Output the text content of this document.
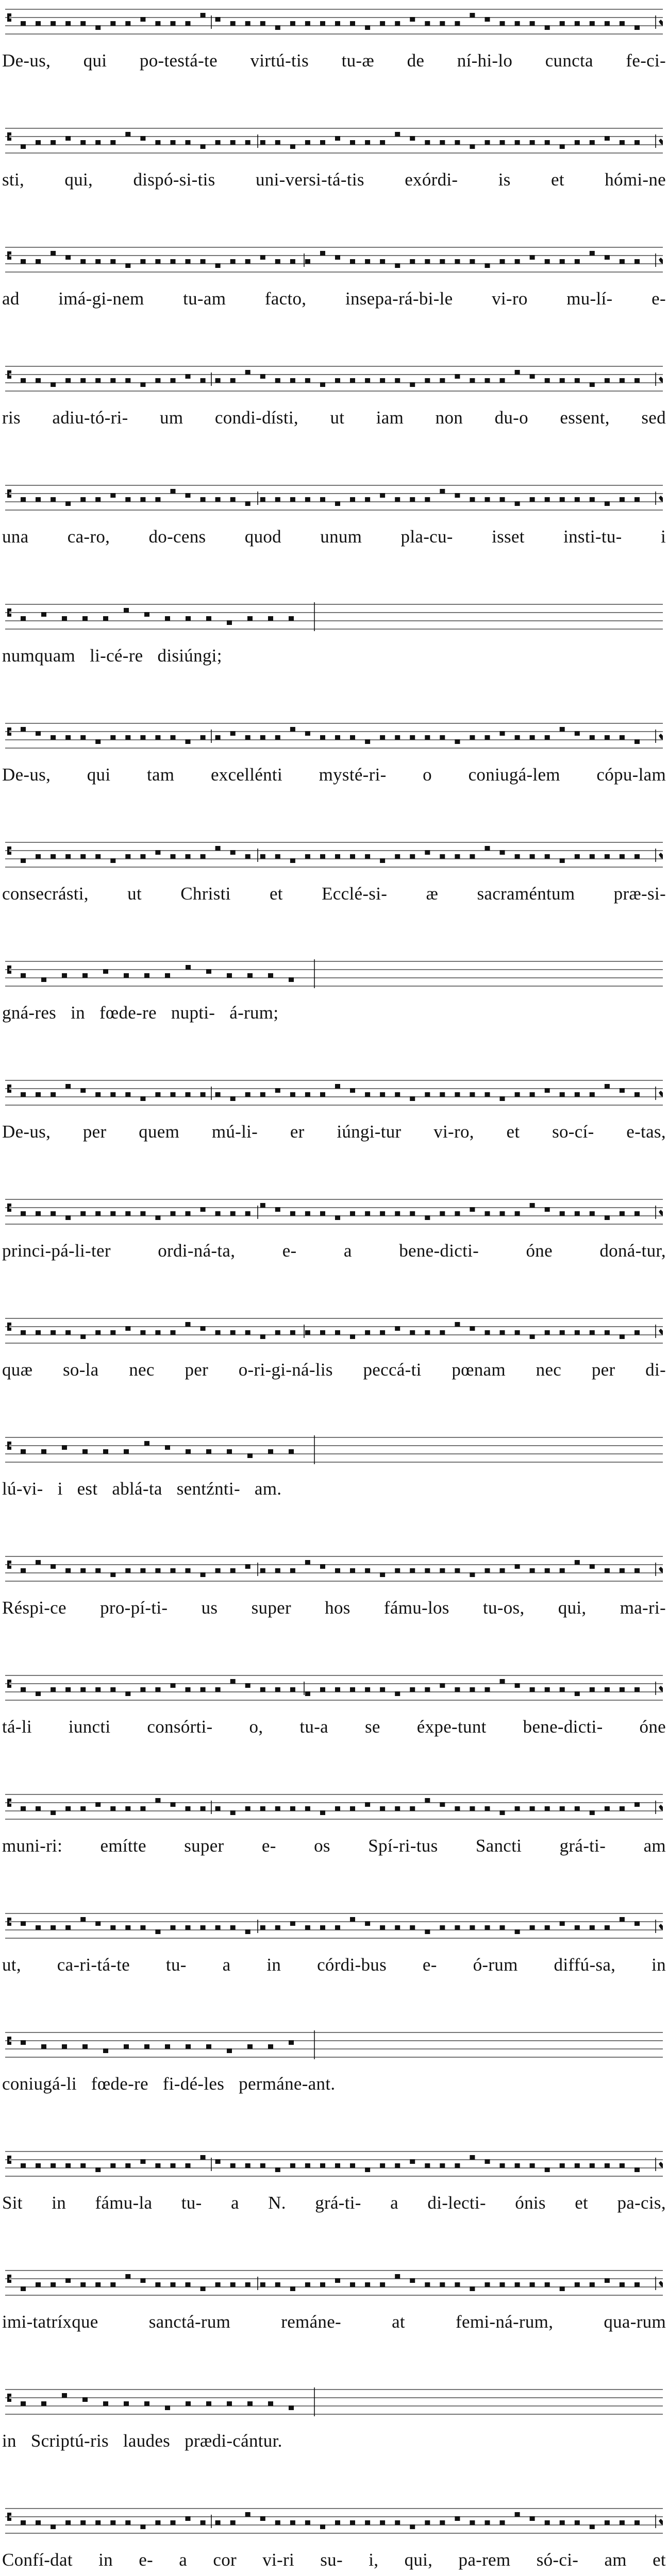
De-us, qui po-testá-te virtú-tis tu-æ de ní-hi-lo cuncta fe-ci-
sti, qui, dispó-si-tis uni-versi-tá-tis exórdi- is et hómi-ne
ad imá-gi-nem tu-am facto, insepa-rá-bi-le vi-ro mu-lí- e-
ris adiu-tó-ri- um condi-dísti, ut iam non du-o essent, sed
una ca-ro, do-cens quod unum pla-cu- isset insti-tu- i
numquam li-cé-re disiúngi;
De-us, qui tam excellénti mysté-ri- o coniugá-lem cópu-lam
consecrásti, ut Christi et Ecclé-si- æ sacraméntum præ-si-
gná-res in fœde-re nupti- á-rum;
De-us, per quem mú-li- er iúngi-tur vi-ro, et so-cí- e-tas,
princi-pá-li-ter	ordi-ná-ta,	e-	a	bene-dicti-	óne	doná-tur,
quæ so-la nec per o-ri-gi-ná-lis peccá-ti pœnam nec per di-
lú-vi- i est ablá-ta sentźnti- am.
Réspi-ce pro-pí-ti- us super hos fámu-los tu-os, qui, ma-ri-
tá-li iuncti consórti- o, tu-a se éxpe-tunt bene-dicti- óne
muni-ri: emítte super e- os Spí-ri-tus Sancti grá-ti- am
ut, ca-ri-tá-te tu- a in córdi-bus e- ó-rum diffú-sa, in
coniugá-li fœde-re fi-dé-les permáne-ant.
Sit in fámu-la tu- a N. grá-ti- a di-lecti- ónis et pa-cis,
imi-tatríxque	sanctá-rum	remáne-	at	femi-ná-rum,	qua-rum
in Scriptú-ris laudes prædi-cántur.
Confí-dat in e- a cor vi-ri su- i, qui, pa-rem só-ci- am et
